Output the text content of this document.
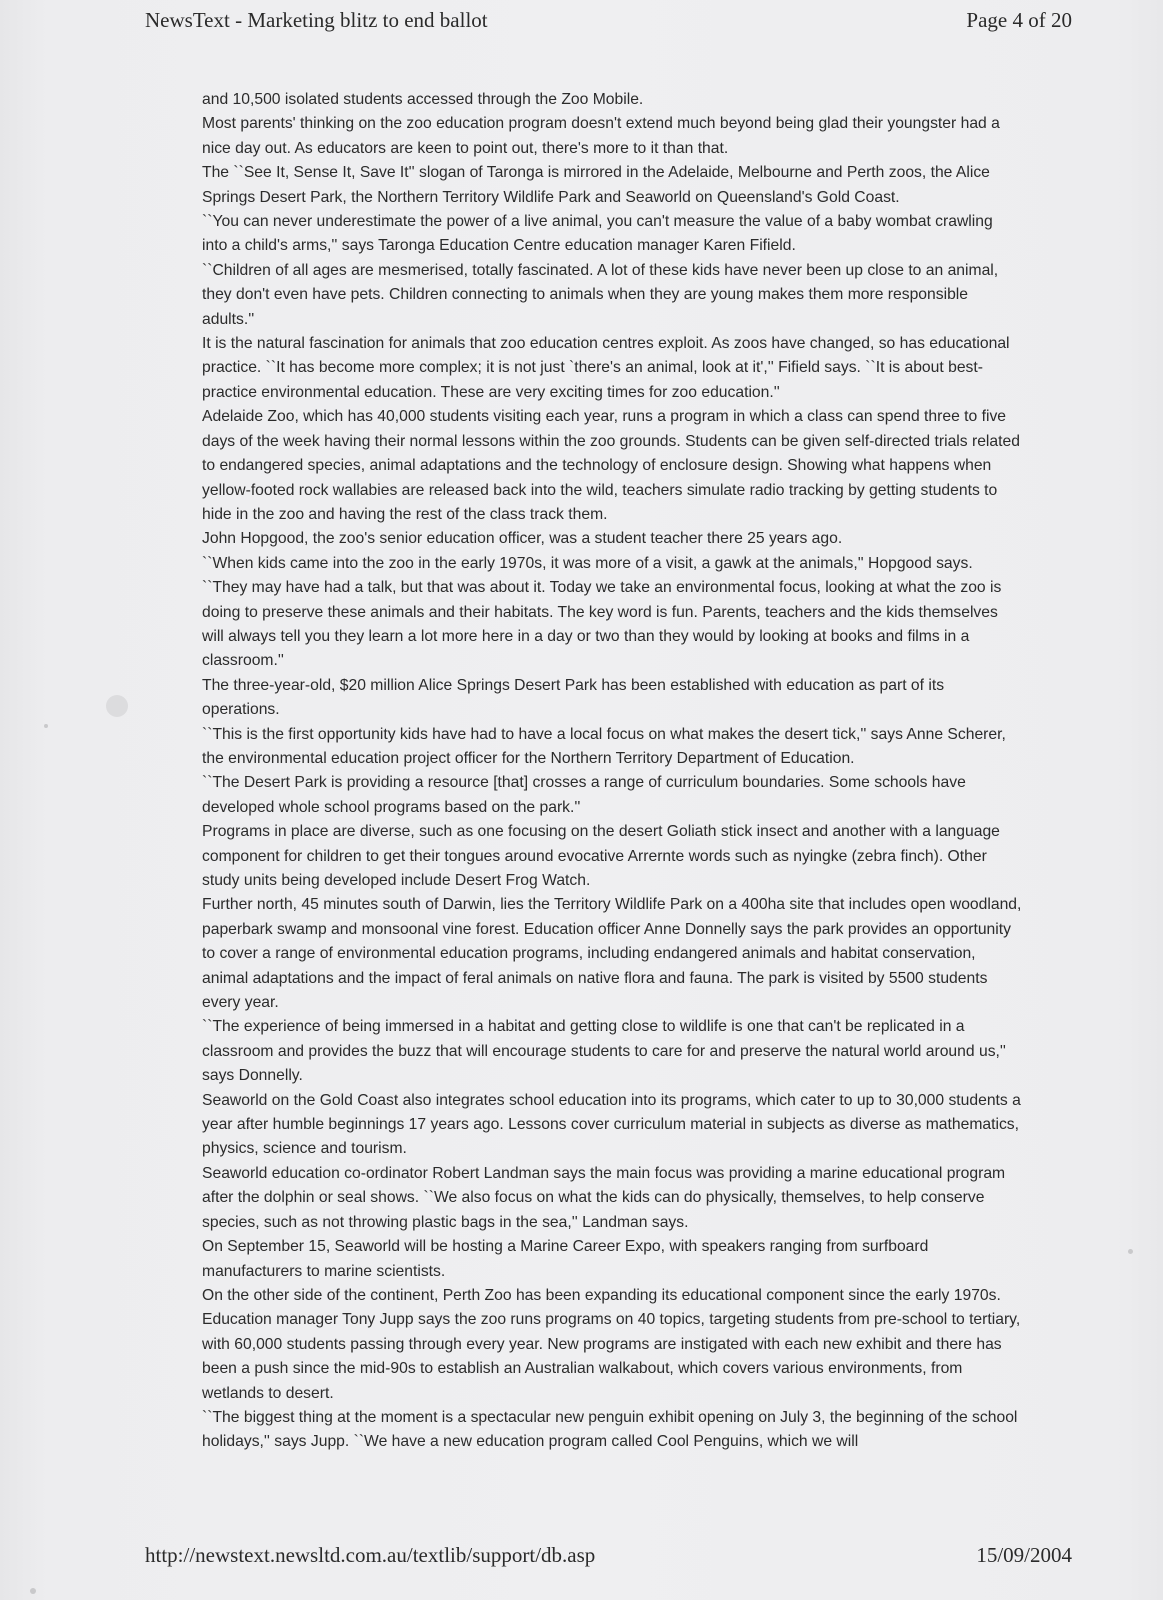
NewsText - Marketing blitz to end ballot	Page 4 of 20

and 10,500 isolated students accessed through the Zoo Mobile.

Most parents' thinking on the zoo education program doesn't extend much beyond being glad their youngster had a nice day out. As educators are keen to point out, there's more to it than that.

The ``See It, Sense It, Save It'' slogan of Taronga is mirrored in the Adelaide, Melbourne and Perth zoos, the Alice Springs Desert Park, the Northern Territory Wildlife Park and Seaworld on Queensland's Gold Coast.

``You can never underestimate the power of a live animal, you can't measure the value of a baby wombat crawling into a child's arms,'' says Taronga Education Centre education manager Karen Fifield.

``Children of all ages are mesmerised, totally fascinated. A lot of these kids have never been up close to an animal, they don't even have pets. Children connecting to animals when they are young makes them more responsible adults.''

It is the natural fascination for animals that zoo education centres exploit. As zoos have changed, so has educational practice. ``It has become more complex; it is not just `there's an animal, look at it','' Fifield says. ``It is about best-practice environmental education. These are very exciting times for zoo education.''

Adelaide Zoo, which has 40,000 students visiting each year, runs a program in which a class can spend three to five days of the week having their normal lessons within the zoo grounds. Students can be given self-directed trials related to endangered species, animal adaptations and the technology of enclosure design. Showing what happens when yellow-footed rock wallabies are released back into the wild, teachers simulate radio tracking by getting students to hide in the zoo and having the rest of the class track them.

John Hopgood, the zoo's senior education officer, was a student teacher there 25 years ago.

``When kids came into the zoo in the early 1970s, it was more of a visit, a gawk at the animals,'' Hopgood says. ``They may have had a talk, but that was about it. Today we take an environmental focus, looking at what the zoo is doing to preserve these animals and their habitats. The key word is fun. Parents, teachers and the kids themselves will always tell you they learn a lot more here in a day or two than they would by looking at books and films in a classroom.''

The three-year-old, $20 million Alice Springs Desert Park has been established with education as part of its operations.

``This is the first opportunity kids have had to have a local focus on what makes the desert tick,'' says Anne Scherer, the environmental education project officer for the Northern Territory Department of Education.

``The Desert Park is providing a resource [that] crosses a range of curriculum boundaries. Some schools have developed whole school programs based on the park.''

Programs in place are diverse, such as one focusing on the desert Goliath stick insect and another with a language component for children to get their tongues around evocative Arrernte words such as nyingke (zebra finch). Other study units being developed include Desert Frog Watch.

Further north, 45 minutes south of Darwin, lies the Territory Wildlife Park on a 400ha site that includes open woodland, paperbark swamp and monsoonal vine forest. Education officer Anne Donnelly says the park provides an opportunity to cover a range of environmental education programs, including endangered animals and habitat conservation, animal adaptations and the impact of feral animals on native flora and fauna. The park is visited by 5500 students every year.

``The experience of being immersed in a habitat and getting close to wildlife is one that can't be replicated in a classroom and provides the buzz that will encourage students to care for and preserve the natural world around us,'' says Donnelly.

Seaworld on the Gold Coast also integrates school education into its programs, which cater to up to 30,000 students a year after humble beginnings 17 years ago. Lessons cover curriculum material in subjects as diverse as mathematics, physics, science and tourism.

Seaworld education co-ordinator Robert Landman says the main focus was providing a marine educational program after the dolphin or seal shows. ``We also focus on what the kids can do physically, themselves, to help conserve species, such as not throwing plastic bags in the sea,'' Landman says.

On September 15, Seaworld will be hosting a Marine Career Expo, with speakers ranging from surfboard manufacturers to marine scientists.

On the other side of the continent, Perth Zoo has been expanding its educational component since the early 1970s. Education manager Tony Jupp says the zoo runs programs on 40 topics, targeting students from pre-school to tertiary, with 60,000 students passing through every year. New programs are instigated with each new exhibit and there has been a push since the mid-90s to establish an Australian walkabout, which covers various environments, from wetlands to desert.

``The biggest thing at the moment is a spectacular new penguin exhibit opening on July 3, the beginning of the school holidays,'' says Jupp. ``We have a new education program called Cool Penguins, which we will

http://newstext.newsltd.com.au/textlib/support/db.asp	15/09/2004
